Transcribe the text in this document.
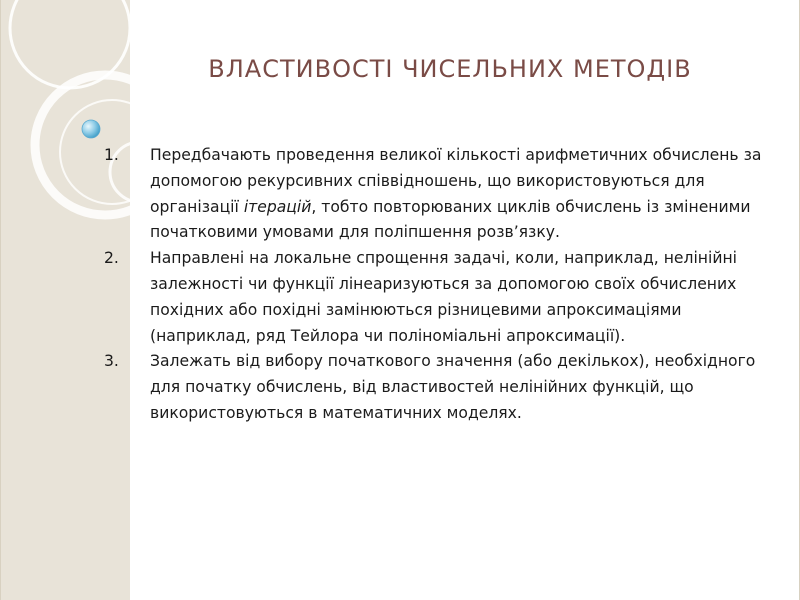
ВЛАСТИВОСТІ ЧИСЕЛЬНИХ МЕТОДІВ
1.	Передбачають проведення великої кількості арифметичних обчислень за допомогою рекурсивних співвідношень, що використовуються для організації ітерацій, тобто повторюваних циклів обчислень із зміненими початковими умовами для поліпшення розв’язку.
2.	Направлені на локальне спрощення задачі, коли, наприклад, нелінійні залежності чи функції лінеаризуються за допомогою своїх обчислених похідних або похідні замінюються різницевими апроксимаціями (наприклад, ряд Тейлора чи поліноміальні апроксимації).
3.	Залежать від вибору початкового значення (або декількох), необхідного для початку обчислень, від властивостей нелінійних функцій, що використовуються в математичних моделях.
